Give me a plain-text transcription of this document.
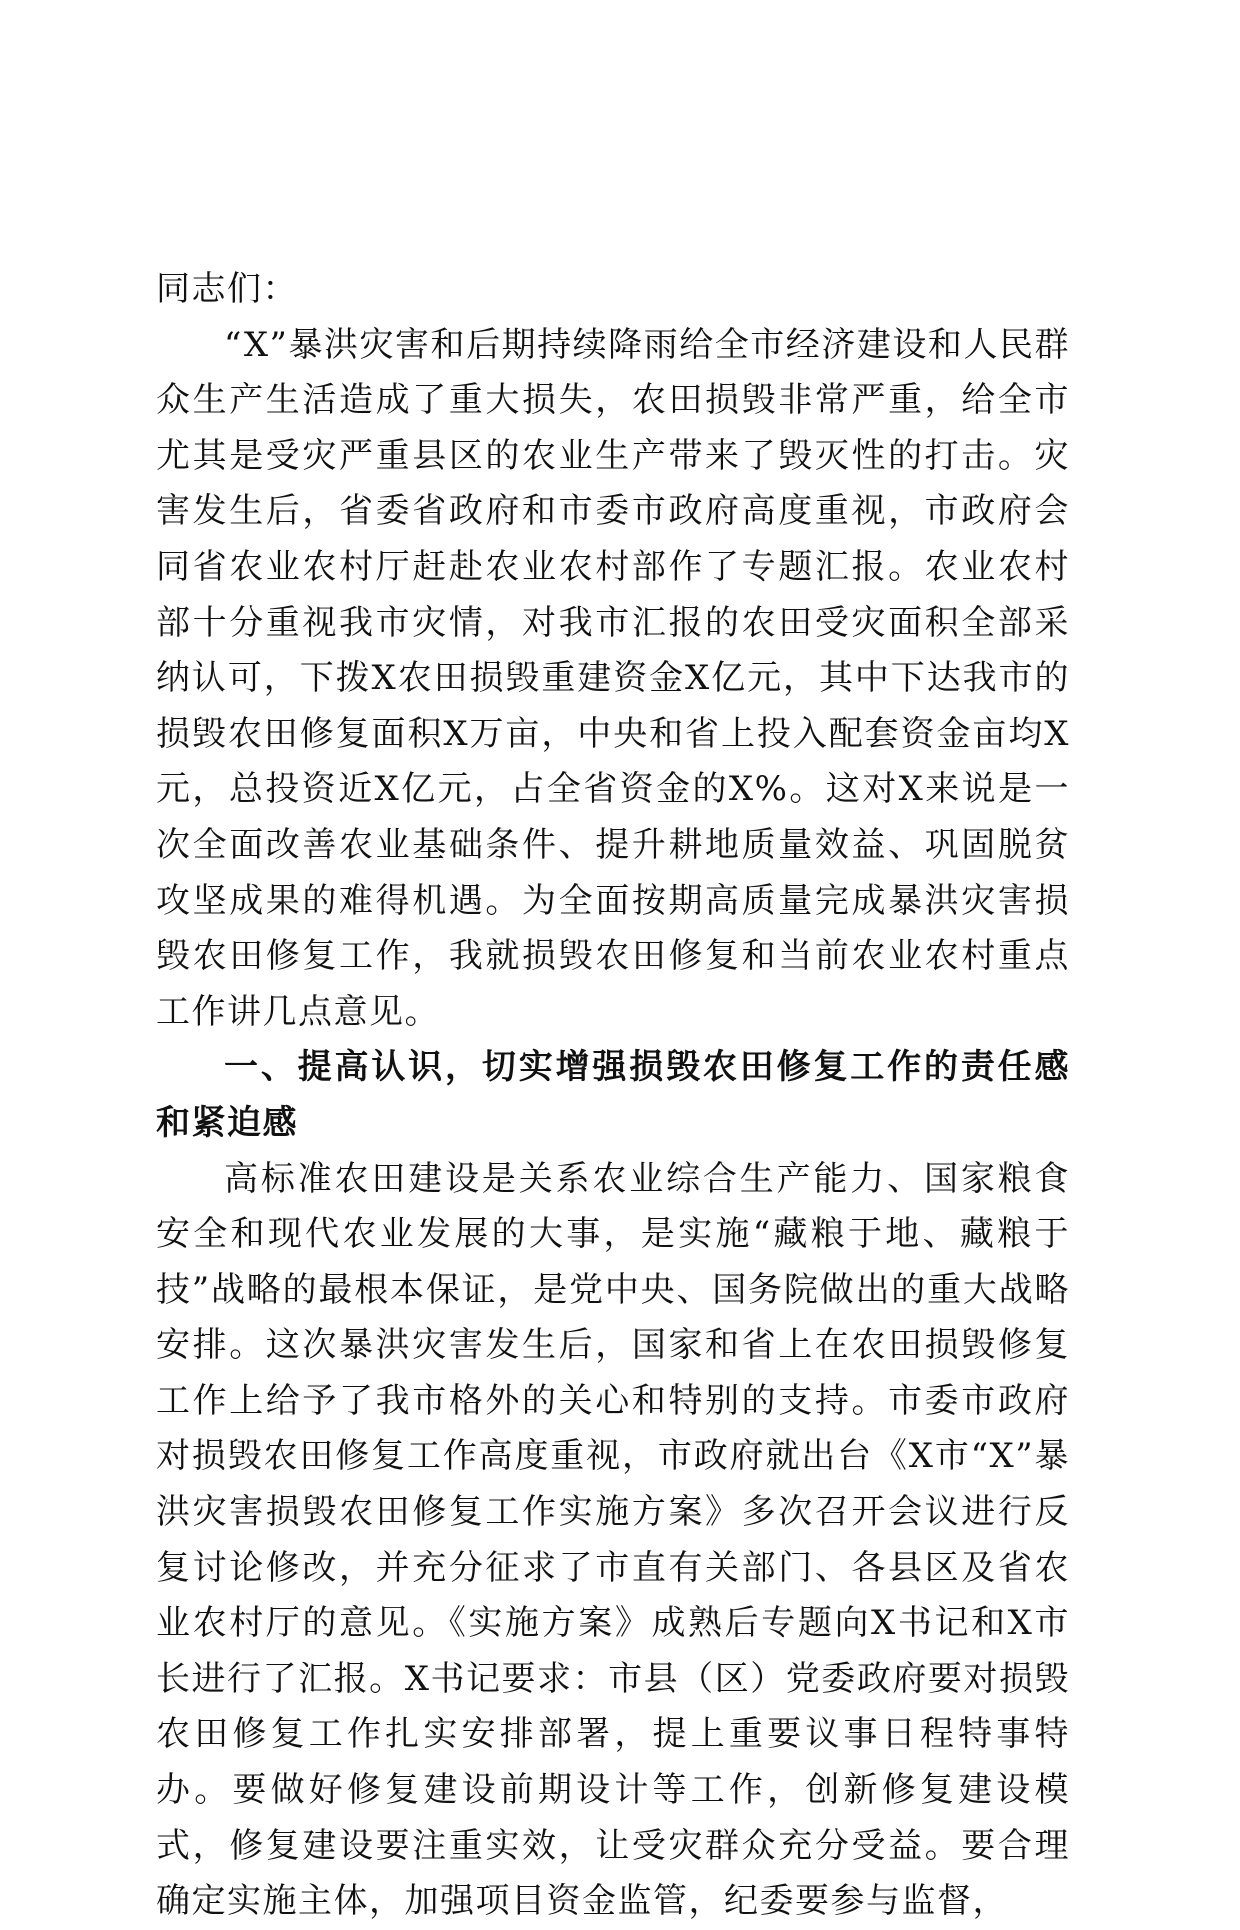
同志们：

“X”暴洪灾害和后期持续降雨给全市经济建设和人民群众生产生活造成了重大损失，农田损毁非常严重，给全市尤其是受灾严重县区的农业生产带来了毁灭性的打击。灾害发生后，省委省政府和市委市政府高度重视，市政府会同省农业农村厅赶赴农业农村部作了专题汇报。农业农村部十分重视我市灾情，对我市汇报的农田受灾面积全部采纳认可，下拨X农田损毁重建资金X亿元，其中下达我市的损毁农田修复面积X万亩，中央和省上投入配套资金亩均X元，总投资近X亿元，占全省资金的X%。这对X来说是一次全面改善农业基础条件、提升耕地质量效益、巩固脱贫攻坚成果的难得机遇。为全面按期高质量完成暴洪灾害损毁农田修复工作，我就损毁农田修复和当前农业农村重点工作讲几点意见。

一、提高认识，切实增强损毁农田修复工作的责任感和紧迫感

高标准农田建设是关系农业综合生产能力、国家粮食安全和现代农业发展的大事，是实施“藏粮于地、藏粮于技”战略的最根本保证，是党中央、国务院做出的重大战略安排。这次暴洪灾害发生后，国家和省上在农田损毁修复工作上给予了我市格外的关心和特别的支持。市委市政府对损毁农田修复工作高度重视，市政府就出台《X市“X”暴洪灾害损毁农田修复工作实施方案》多次召开会议进行反复讨论修改，并充分征求了市直有关部门、各县区及省农业农村厅的意见。《实施方案》成熟后专题向X书记和X市长进行了汇报。X书记要求：市县（区）党委政府要对损毁农田修复工作扎实安排部署，提上重要议事日程特事特办。要做好修复建设前期设计等工作，创新修复建设模式，修复建设要注重实效，让受灾群众充分受益。要合理确定实施主体，加强项目资金监管，纪委要参与监督，
